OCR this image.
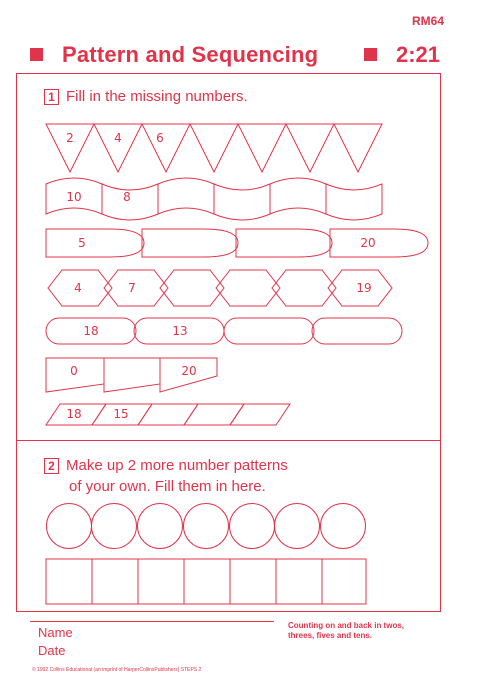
RM64
Pattern and Sequencing	2:21
1 Fill in the missing numbers.
2 Make up 2 more number patterns
of your own. Fill them in here.
2	4	6
10	8
5	20
4	7	19
18	13
0	20
18	15
Name
Date
Counting on and back in twos, threes, fives and tens.
© 1992 Collins Educational (an imprint of HarperCollinsPublishers) STEPS 2
